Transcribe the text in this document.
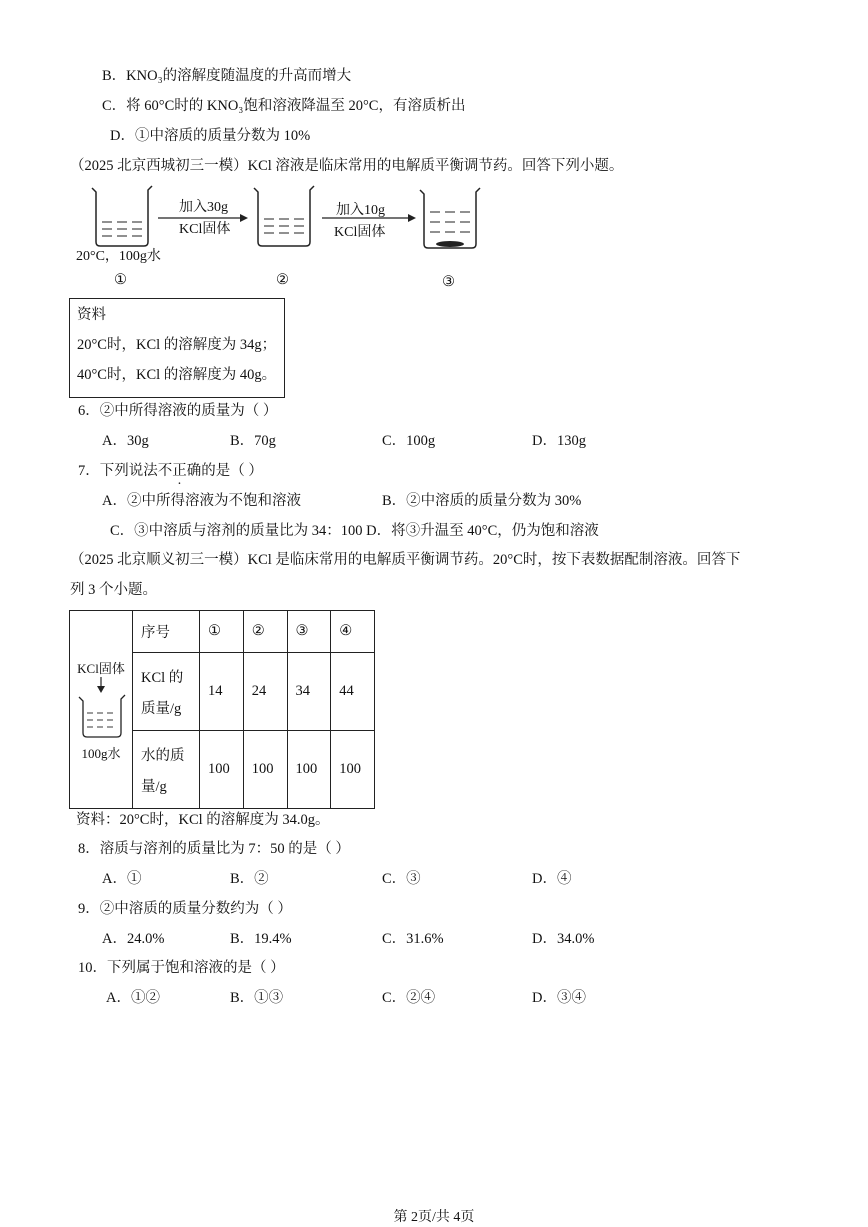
B．KNO₃的溶解度随温度的升高而增大
C．将 60°C时的 KNO₃饱和溶液降温至 20°C，有溶质析出
D．①中溶质的质量分数为 10%
（2025 北京西城初三一模）KCl 溶液是临床常用的电解质平衡调节药。回答下列小题。
加入30g
KCl固体
加入10g
KCl固体
20°C，100g水
①	②	③
资料
20°C时，KCl 的溶解度为 34g；
40°C时，KCl 的溶解度为 40g。
6．②中所得溶液的质量为（ ）
A．30g	B．70g	C．100g	D．130g
7．下列说法不正确的是（ ）
A．②中所得溶液为不饱和溶液	B．②中溶质的质量分数为 30%
C．③中溶质与溶剂的质量比为 34：100 D．将③升温至 40°C，仍为饱和溶液
（2025 北京顺义初三一模）KCl 是临床常用的电解质平衡调节药。20°C时，按下表数据配制溶液。回答下
列 3 个小题。
KCl固体
100g水	序号	①	②	③	④

	KCl 的
质量/g	14	24	34	44

	水的质
量/g	100	100	100	100
资料：20°C时，KCl 的溶解度为 34.0g。
8．溶质与溶剂的质量比为 7：50 的是（ ）
A．①	B．②	C．③	D．④
9．②中溶质的质量分数约为（ ）
A．24.0%	B．19.4%	C．31.6%	D．34.0%
10．下列属于饱和溶液的是（ ）
A．①②	B．①③	C．②④	D．③④
第 2页/共 4页
